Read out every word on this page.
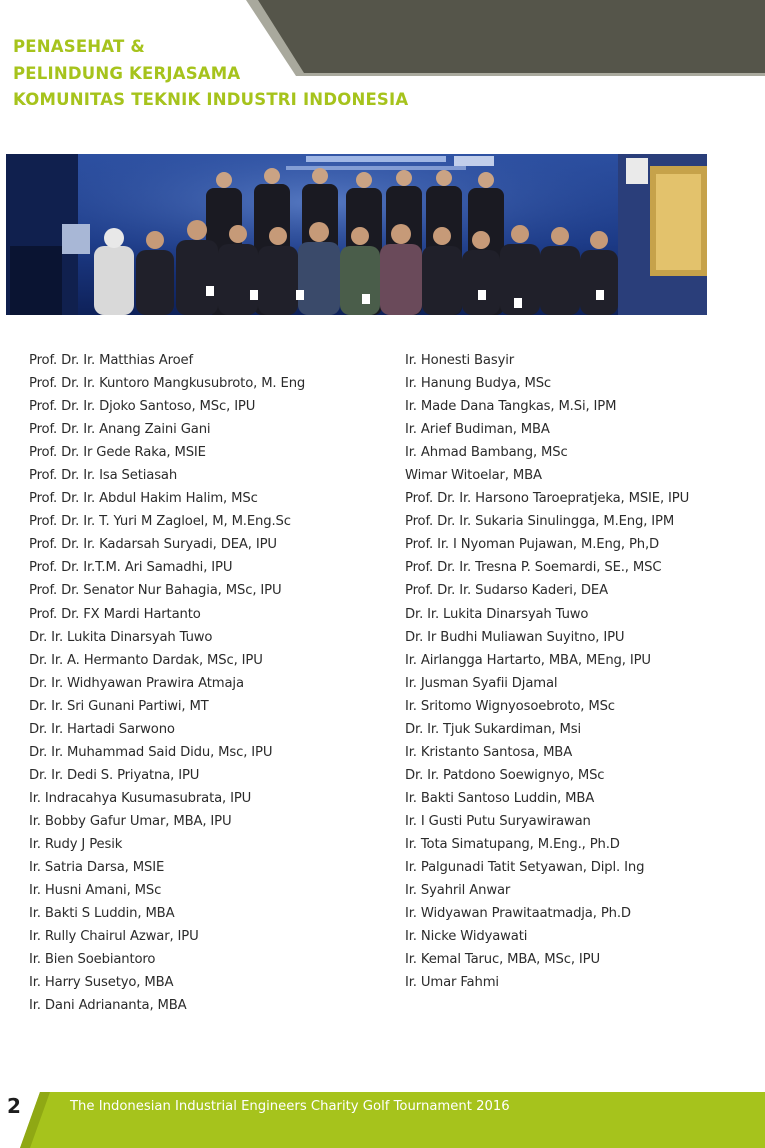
PENASEHAT &
PELINDUNG KERJASAMA
KOMUNITAS TEKNIK INDUSTRI INDONESIA
Prof. Dr. Ir. Matthias Aroef
Prof. Dr. Ir. Kuntoro Mangkusubroto, M. Eng
Prof. Dr. Ir. Djoko Santoso, MSc, IPU
Prof. Dr. Ir. Anang Zaini Gani
Prof. Dr. Ir Gede Raka, MSIE
Prof. Dr. Ir. Isa Setiasah
Prof. Dr. Ir. Abdul Hakim Halim, MSc
Prof. Dr. Ir. T. Yuri M Zagloel, M, M.Eng.Sc
Prof. Dr. Ir. Kadarsah Suryadi, DEA, IPU
Prof. Dr. Ir.T.M. Ari Samadhi, IPU
Prof. Dr. Senator Nur Bahagia, MSc, IPU
Prof. Dr. FX Mardi Hartanto
Dr. Ir. Lukita Dinarsyah Tuwo
Dr. Ir. A. Hermanto Dardak, MSc, IPU
Dr. Ir. Widhyawan Prawira Atmaja
Dr. Ir. Sri Gunani Partiwi, MT
Dr. Ir. Hartadi Sarwono
Dr. Ir. Muhammad Said Didu, Msc, IPU
Dr. Ir. Dedi S. Priyatna, IPU
Ir. Indracahya Kusumasubrata, IPU
Ir. Bobby Gafur Umar, MBA, IPU
Ir. Rudy J Pesik
Ir. Satria Darsa, MSIE
Ir. Husni Amani, MSc
Ir. Bakti S Luddin, MBA
Ir. Rully Chairul Azwar, IPU
Ir. Bien Soebiantoro
Ir. Harry Susetyo, MBA
Ir. Dani Adriananta, MBA
Ir. Honesti Basyir
Ir. Hanung Budya, MSc
Ir. Made Dana Tangkas, M.Si, IPM
Ir. Arief Budiman, MBA
Ir. Ahmad Bambang, MSc
Wimar Witoelar, MBA
Prof. Dr. Ir. Harsono Taroepratjeka, MSIE, IPU
Prof. Dr. Ir. Sukaria Sinulingga, M.Eng, IPM
Prof. Ir. I Nyoman Pujawan, M.Eng, Ph,D
Prof. Dr. Ir. Tresna P. Soemardi, SE., MSC
Prof. Dr. Ir. Sudarso Kaderi, DEA
Dr. Ir. Lukita Dinarsyah Tuwo
Dr. Ir Budhi Muliawan Suyitno, IPU
Ir. Airlangga Hartarto, MBA, MEng, IPU
Ir. Jusman Syafii Djamal
Ir. Sritomo Wignyosoebroto, MSc
Dr. Ir. Tjuk Sukardiman, Msi
Ir. Kristanto Santosa, MBA
Dr. Ir. Patdono Soewignyo, MSc
Ir. Bakti Santoso Luddin, MBA
Ir. I Gusti Putu Suryawirawan
Ir. Tota Simatupang, M.Eng., Ph.D
Ir. Palgunadi Tatit Setyawan, Dipl. Ing
Ir. Syahril Anwar
Ir. Widyawan Prawitaatmadja, Ph.D
Ir. Nicke Widyawati
Ir. Kemal Taruc, MBA, MSc, IPU
Ir. Umar Fahmi
2	The Indonesian Industrial Engineers Charity Golf Tournament 2016
